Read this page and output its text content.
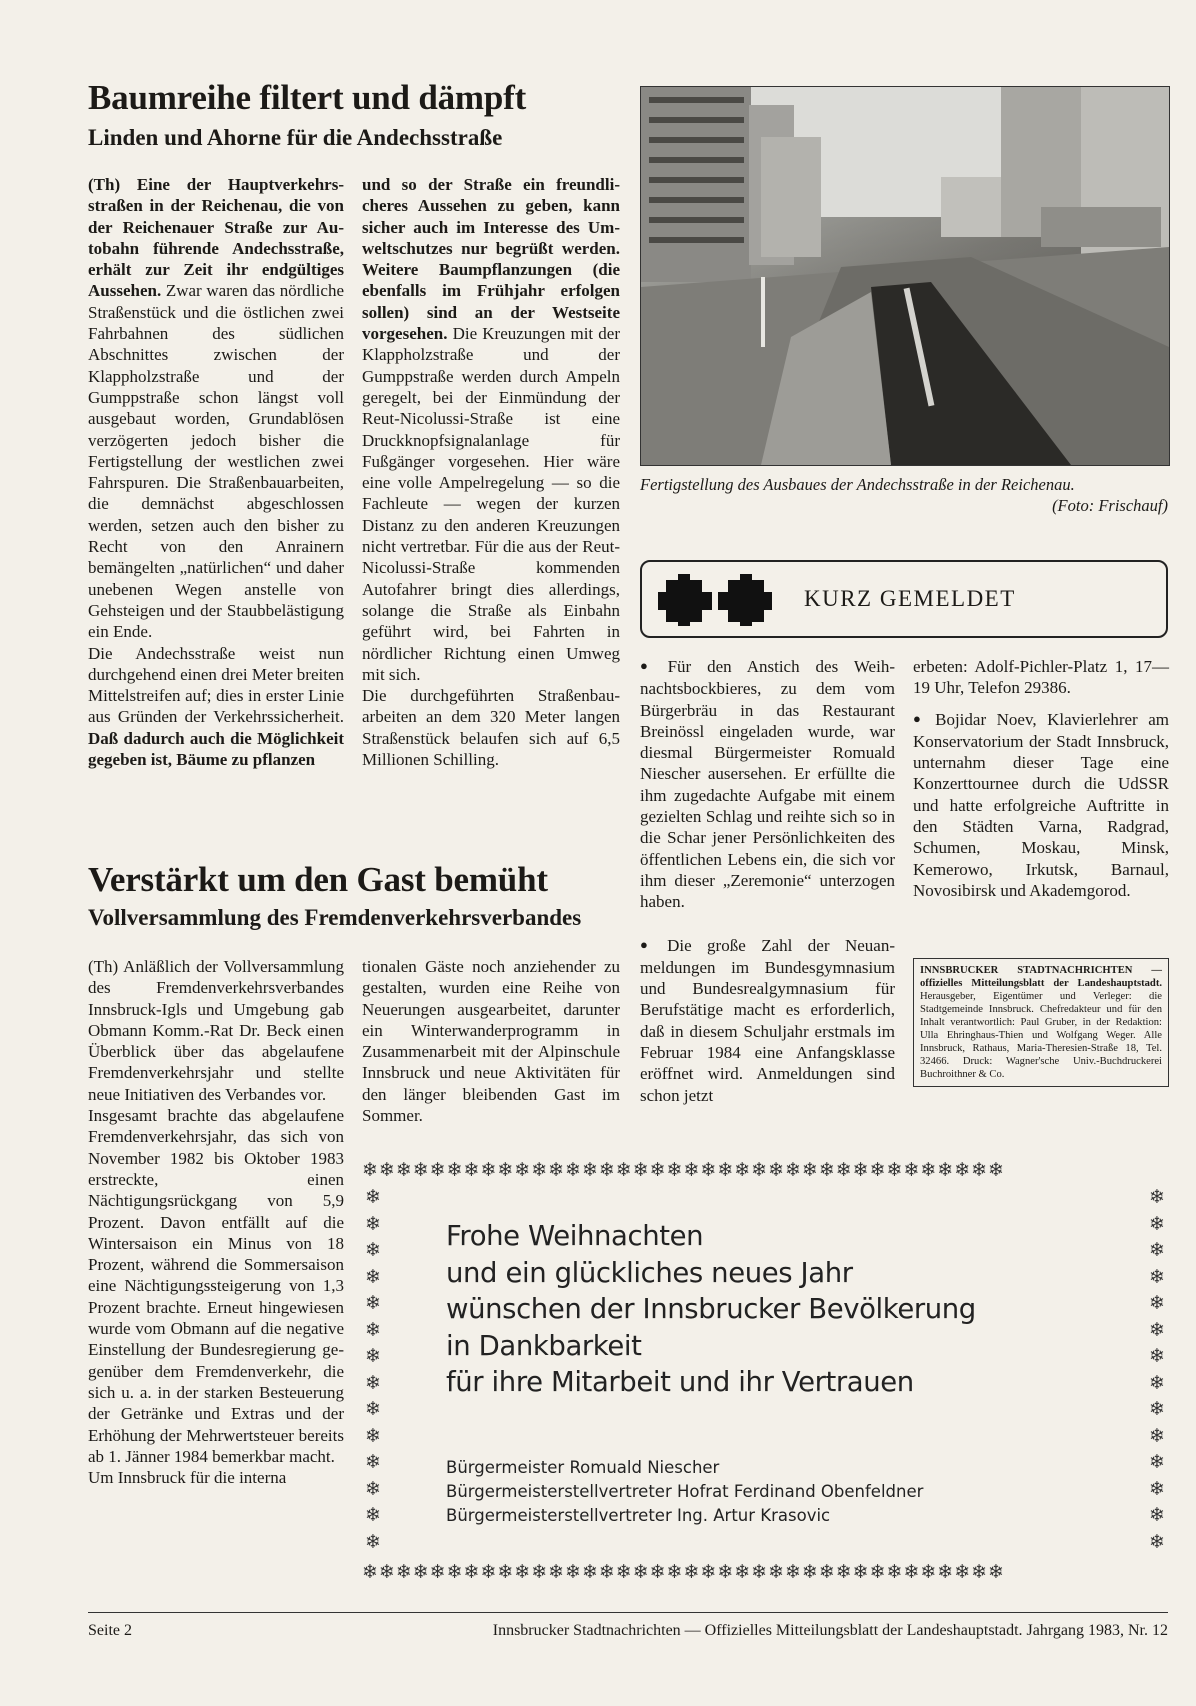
Baumreihe filtert und dämpft
Linden und Ahorne für die Andechsstraße

(Th) Eine der Hauptverkehrsstraßen in der Reichenau, die von der Reichenauer Straße zur Autobahn führende Andechsstraße, erhält zur Zeit ihr endgültiges Aussehen. Zwar waren das nördliche Straßenstück und die östlichen zwei Fahrbahnen des südlichen Abschnittes zwischen der Klappholzstraße und der Gumppstraße schon längst voll ausgebaut worden, Grundablösen verzögerten jedoch bisher die Fertigstellung der westlichen zwei Fahrspuren. Die Straßenbauarbeiten, die demnächst abgeschlossen werden, setzen auch den bisher zu Recht von den Anrainern bemängelten „natürlichen“ und daher unebenen Wegen anstelle von Gehsteigen und der Staubbelästigung ein Ende.

Die Andechsstraße weist nun durchgehend einen drei Meter breiten Mittelstreifen auf; dies in erster Linie aus Gründen der Verkehrssicherheit. Daß dadurch auch die Möglichkeit gegeben ist, Bäume zu pflanzen

und so der Straße ein freundlicheres Aussehen zu geben, kann sicher auch im Interesse des Umweltschutzes nur begrüßt werden. Weitere Baumpflanzungen (die ebenfalls im Frühjahr erfolgen sollen) sind an der Westseite vorgesehen. Die Kreuzungen mit der Klappholzstraße und der Gumppstraße werden durch Ampeln geregelt, bei der Einmündung der Reut-Nicolussi-Straße ist eine Druckknopfsignalanlage für Fußgänger vorgesehen. Hier wäre eine volle Ampelregelung — so die Fachleute — wegen der kurzen Distanz zu den anderen Kreuzungen nicht vertretbar. Für die aus der Reut-Nicolussi-Straße kommenden Autofahrer bringt dies allerdings, solange die Straße als Einbahn geführt wird, bei Fahrten in nördlicher Richtung einen Umweg mit sich.

Die durchgeführten Straßenbauarbeiten an dem 320 Meter langen Straßenstück belaufen sich auf 6,5 Millionen Schilling.

Fertigstellung des Ausbaues der Andechsstraße in der Reichenau.
(Foto: Frischauf)
KURZ GEMELDET

● Für den Anstich des Weihnachtsbockbieres, zu dem vom Bürgerbräu in das Restaurant Breinössl eingeladen wurde, war diesmal Bürgermeister Romuald Niescher ausersehen. Er erfüllte die ihm zugedachte Aufgabe mit einem gezielten Schlag und reihte sich so in die Schar jener Persönlichkeiten des öffentlichen Lebens ein, die sich vor ihm dieser „Zeremonie“ unterzogen haben.

● Die große Zahl der Neuanmeldungen im Bundesgymnasium und Bundesrealgymnasium für Berufstätige macht es erforderlich, daß in diesem Schuljahr erstmals im Februar 1984 eine Anfangsklasse eröffnet wird. Anmeldungen sind schon jetzt

erbeten: Adolf-Pichler-Platz 1, 17—19 Uhr, Telefon 29386.

● Bojidar Noev, Klavierlehrer am Konservatorium der Stadt Innsbruck, unternahm dieser Tage eine Konzerttournee durch die UdSSR und hatte erfolgreiche Auftritte in den Städten Varna, Radgrad, Schumen, Moskau, Minsk, Kemerowo, Irkutsk, Barnaul, Novosibirsk und Akademgorod.

INNSBRUCKER STADTNACHRICHTEN — offizielles Mitteilungsblatt der Landeshauptstadt. Herausgeber, Eigentümer und Verleger: die Stadtgemeinde Innsbruck. Chefredakteur und für den Inhalt verantwortlich: Paul Gruber, in der Redaktion: Ulla Ehringhaus-Thien und Wolfgang Weger. Alle Innsbruck, Rathaus, Maria-Theresien-Straße 18, Tel. 32466. Druck: Wagner'sche Univ.-Buchdruckerei Buchroithner & Co.
Verstärkt um den Gast bemüht
Vollversammlung des Fremdenverkehrsverbandes

(Th) Anläßlich der Vollversammlung des Fremdenverkehrsverbandes Innsbruck-Igls und Umgebung gab Obmann Komm.-Rat Dr. Beck einen Überblick über das abgelaufene Fremdenverkehrsjahr und stellte neue Initiativen des Verbandes vor.

Insgesamt brachte das abgelaufene Fremdenverkehrsjahr, das sich von November 1982 bis Oktober 1983 erstreckte, einen Nächtigungsrückgang von 5,9 Prozent. Davon entfällt auf die Wintersaison ein Minus von 18 Prozent, während die Sommersaison eine Nächtigungssteigerung von 1,3 Prozent brachte. Erneut hingewiesen wurde vom Obmann auf die negative Einstellung der Bundesregierung gegenüber dem Fremdenverkehr, die sich u. a. in der starken Besteuerung der Getränke und Extras und der Erhöhung der Mehrwertsteuer bereits ab 1. Jänner 1984 bemerkbar macht.

Um Innsbruck für die interna

tionalen Gäste noch anziehender zu gestalten, wurden eine Reihe von Neuerungen ausgearbeitet, darunter ein Winterwanderprogramm in Zusammenarbeit mit der Alpinschule Innsbruck und neue Aktivitäten für den länger bleibenden Gast im Sommer.

❄❄❄❄❄❄❄❄❄❄❄❄❄❄❄❄❄❄❄❄❄❄❄❄❄❄❄❄❄❄❄❄❄❄❄❄❄❄
❄❄❄❄❄❄❄❄❄❄❄❄❄❄❄❄❄❄❄❄❄❄❄❄❄❄❄❄❄❄❄❄❄❄❄❄❄❄
❄ ❄ ❄ ❄ ❄ ❄ ❄ ❄ ❄ ❄ ❄ ❄ ❄ ❄
❄ ❄ ❄ ❄ ❄ ❄ ❄ ❄ ❄ ❄ ❄ ❄ ❄ ❄
Frohe Weihnachten
und ein glückliches neues Jahr
wünschen der Innsbrucker Bevölkerung
in Dankbarkeit
für ihre Mitarbeit und ihr Vertrauen
Bürgermeister Romuald Niescher
Bürgermeisterstellvertreter Hofrat Ferdinand Obenfeldner
Bürgermeisterstellvertreter Ing. Artur Krasovic
Seite 2	Innsbrucker Stadtnachrichten — Offizielles Mitteilungsblatt der Landeshauptstadt. Jahrgang 1983, Nr. 12
